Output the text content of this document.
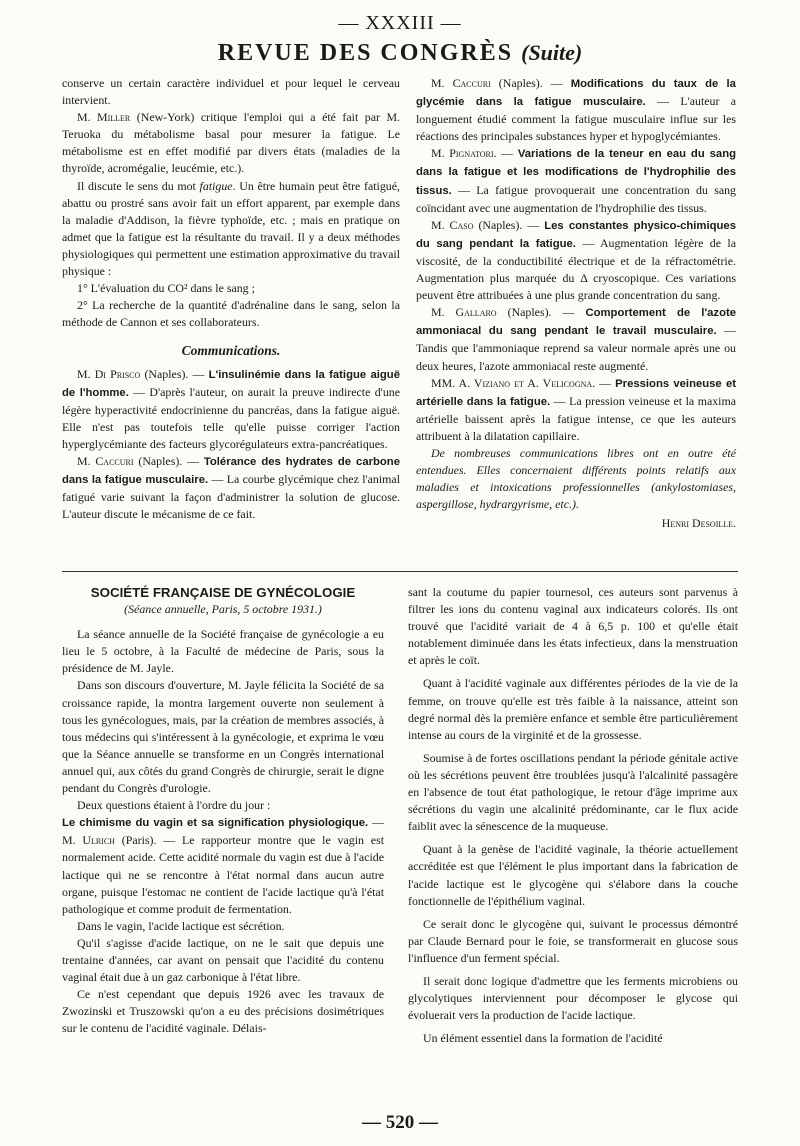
— XXXIII —
REVUE DES CONGRÈS (Suite)

conserve un certain caractère individuel et pour lequel le cerveau intervient.

M. Miller (New-York) critique l'emploi qui a été fait par M. Teruoka du métabolisme basal pour mesurer la fatigue. Le métabolisme est en effet modifié par divers états (maladies de la thyroïde, acromégalie, leucémie, etc.).

Il discute le sens du mot fatigue. Un être humain peut être fatigué, abattu ou prostré sans avoir fait un effort apparent, par exemple dans la maladie d'Addison, la fièvre typhoïde, etc. ; mais en pratique on admet que la fatigue est la résultante du travail. Il y a deux méthodes physiologiques qui permettent une estimation approximative du travail physique :

1° L'évaluation du CO² dans le sang ;

2° La recherche de la quantité d'adrénaline dans le sang, selon la méthode de Cannon et ses collaborateurs.

Communications.

M. Di Prisco (Naples). — L'insulinémie dans la fatigue aiguë de l'homme. — D'après l'auteur, on aurait la preuve indirecte d'une légère hyperactivité endocrinienne du pancréas, dans la fatigue aiguë. Elle n'est pas toutefois telle qu'elle puisse corriger l'action hyperglycémiante des facteurs glycorégulateurs extra-pancréatiques.

M. Caccuri (Naples). — Tolérance des hydrates de carbone dans la fatigue musculaire. — La courbe glycémique chez l'animal fatigué varie suivant la façon d'administrer la solution de glucose. L'auteur discute le mécanisme de ce fait.

M. Caccuri (Naples). — Modifications du taux de la glycémie dans la fatigue musculaire. — L'auteur a longuement étudié comment la fatigue musculaire influe sur les réactions des principales substances hyper et hypoglycémiantes.

M. Pignatori. — Variations de la teneur en eau du sang dans la fatigue et les modifications de l'hydrophilie des tissus. — La fatigue provoquerait une concentration du sang coïncidant avec une augmentation de l'hydrophilie des tissus.

M. Caso (Naples). — Les constantes physico-chimiques du sang pendant la fatigue. — Augmentation légère de la viscosité, de la conductibilité électrique et de la réfractométrie. Augmentation plus marquée du Δ cryoscopique. Ces variations peuvent être attribuées à une plus grande concentration du sang.

M. Gallaro (Naples). — Comportement de l'azote ammoniacal du sang pendant le travail musculaire. — Tandis que l'ammoniaque reprend sa valeur normale après une ou deux heures, l'azote ammoniacal reste augmenté.

MM. A. Viziano et A. Velicogna. — Pressions veineuse et artérielle dans la fatigue. — La pression veineuse et la maxima artérielle baissent après la fatigue intense, ce que les auteurs attribuent à la dilatation capillaire.

De nombreuses communications libres ont en outre été entendues. Elles concernaient différents points relatifs aux maladies et intoxications professionnelles (ankylostomiases, aspergillose, hydrargyrisme, etc.).

Henri Desoille.

SOCIÉTÉ FRANÇAISE DE GYNÉCOLOGIE

(Séance annuelle, Paris, 5 octobre 1931.)

La séance annuelle de la Société française de gynécologie a eu lieu le 5 octobre, à la Faculté de médecine de Paris, sous la présidence de M. Jayle.

Dans son discours d'ouverture, M. Jayle félicita la Société de sa croissance rapide, la montra largement ouverte non seulement à tous les gynécologues, mais, par la création de membres associés, à tous médecins qui s'intéressent à la gynécologie, et exprima le vœu que la Séance annuelle se transforme en un Congrès international annuel qui, aux côtés du grand Congrès de chirurgie, serait le digne pendant du Congrès d'urologie.

Deux questions étaient à l'ordre du jour :

Le chimisme du vagin et sa signification physiologique. — M. Ulrich (Paris). — Le rapporteur montre que le vagin est normalement acide. Cette acidité normale du vagin est due à l'acide lactique qui ne se rencontre à l'état normal dans aucun autre organe, puisque l'estomac ne contient de l'acide lactique qu'à l'état pathologique et comme produit de fermentation.

Dans le vagin, l'acide lactique est sécrétion.

Qu'il s'agisse d'acide lactique, on ne le sait que depuis une trentaine d'années, car avant on pensait que l'acidité du contenu vaginal était due à un gaz carbonique à l'état libre.

Ce n'est cependant que depuis 1926 avec les travaux de Zwozinski et Truszowski qu'on a eu des précisions dosimétriques sur le contenu de l'acidité vaginale. Délais-

sant la coutume du papier tournesol, ces auteurs sont parvenus à filtrer les ions du contenu vaginal aux indicateurs colorés. Ils ont trouvé que l'acidité variait de 4 à 6,5 p. 100 et qu'elle était notablement diminuée dans les états infectieux, dans la menstruation et après le coït.

Quant à l'acidité vaginale aux différentes périodes de la vie de la femme, on trouve qu'elle est très faible à la naissance, atteint son degré normal dès la première enfance et semble être particulièrement intense au cours de la virginité et de la grossesse.

Soumise à de fortes oscillations pendant la période génitale active où les sécrétions peuvent être troublées jusqu'à l'alcalinité passagère en l'absence de tout état pathologique, le retour d'âge imprime aux sécrétions du vagin une alcalinité prédominante, car le flux acide faiblit avec la sénescence de la muqueuse.

Quant à la genèse de l'acidité vaginale, la théorie actuellement accréditée est que l'élément le plus important dans la fabrication de l'acide lactique est le glycogène qui s'élabore dans la couche fonctionnelle de l'épithélium vaginal.

Ce serait donc le glycogène qui, suivant le processus démontré par Claude Bernard pour le foie, se transformerait en glucose sous l'influence d'un ferment spécial.

Il serait donc logique d'admettre que les ferments microbiens ou glycolytiques interviennent pour décomposer le glycose qui évoluerait vers la production de l'acide lactique.

Un élément essentiel dans la formation de l'acidité

— 520 —
